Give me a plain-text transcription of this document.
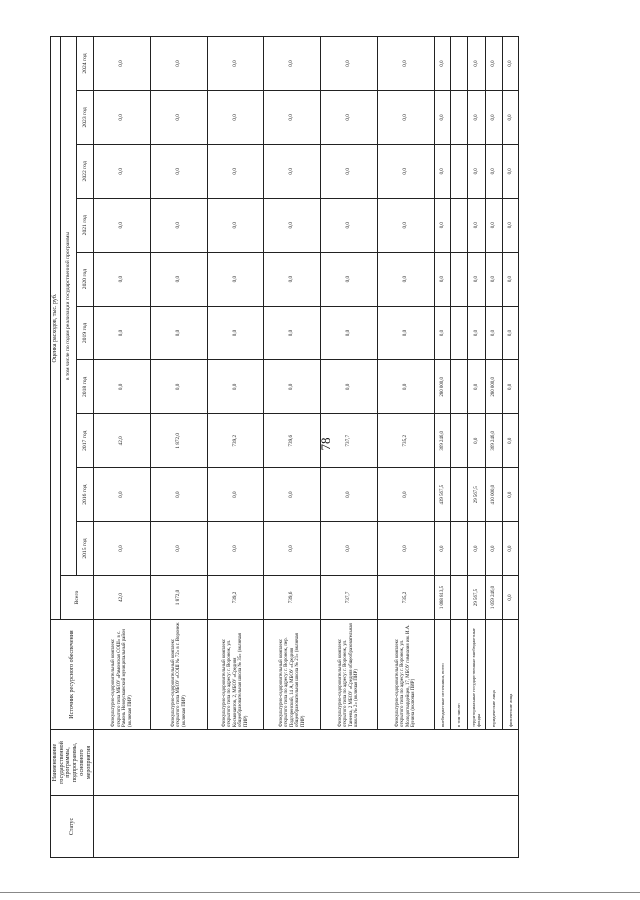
78
Статус	Наименование государственной программы, подпрограммы, основного мероприятия	Источник ресурсного обеспечения	Оценка расходов, тыс. руб.										
			Всего	в том числе по годам реализации государственной программы									
				2015 год	2016 год	2017 год	2018 год	2019 год	2020 год	2021 год	2022 год	2023 год	2024 год
		Физкультурно-оздоровительный комплекс открытого типа МБОУ «Рамонская СОШ» в с. Рамонь Новоусманский муниципальный район (включая ПИР)	42,0	0,0	0,0	42,0	0,0	0,0	0,0	0,0	0,0	0,0	0,0
		Физкультурно-оздоровительный комплекс открытого типа МБОУ «СОШ № 72» в г. Воронеж (включая ПИР)	1 872,0	0,0	0,0	1 872,0	0,0	0,0	0,0	0,0	0,0	0,0	0,0
		Физкультурно-оздоровительный комплекс открытого типа по адресу: г. Воронеж, ул. Космонавтов, 2, МБОУ «Средняя общеобразовательная школа № 35» (включая ПИР)	739,2	0,0	0,0	739,2	0,0	0,0	0,0	0,0	0,0	0,0	0,0
		Физкультурно-оздоровительный комплекс открытого типа по адресу: г. Воронеж, пер. Подгоренский, 14 А, МБОУ «Средняя общеобразовательная школа № 21» (включая ПИР)	739,6	0,0	0,0	739,6	0,0	0,0	0,0	0,0	0,0	0,0	0,0
		Физкультурно-оздоровительный комплекс открытого типа по адресу: г. Воронеж, ул. Танеева, 2 МБОУ «Средняя общеобразовательная школа № 2» (включая ПИР)	737,7	0,0	0,0	737,7	0,0	0,0	0,0	0,0	0,0	0,0	0,0
		Физкультурно-оздоровительный комплекс открытого типа по адресу: г. Воронеж, ул. Молодогвардейцев, 17, МБОУ гимназия им. И.А. Бунина (включая ПИР)	735,2	0,0	0,0	735,2	0,0	0,0	0,0	0,0	0,0	0,0	0,0
		внебюджетные источники, всего	1 088 813,5	0,0	439 567,5	369 246,0	280 000,0	0,0	0,0	0,0	0,0	0,0	0,0
		в том числе:											
		территориальные государственные внебюджетные фонды	29 567,5	0,0	29 567,5	0,0	0,0	0,0	0,0	0,0	0,0	0,0	0,0
		юридические лица	1 059 246,0	0,0	410 000,0	369 246,0	280 000,0	0,0	0,0	0,0	0,0	0,0	0,0
		физические лица	0,0	0,0	0,0	0,0	0,0	0,0	0,0	0,0	0,0	0,0	0,0
